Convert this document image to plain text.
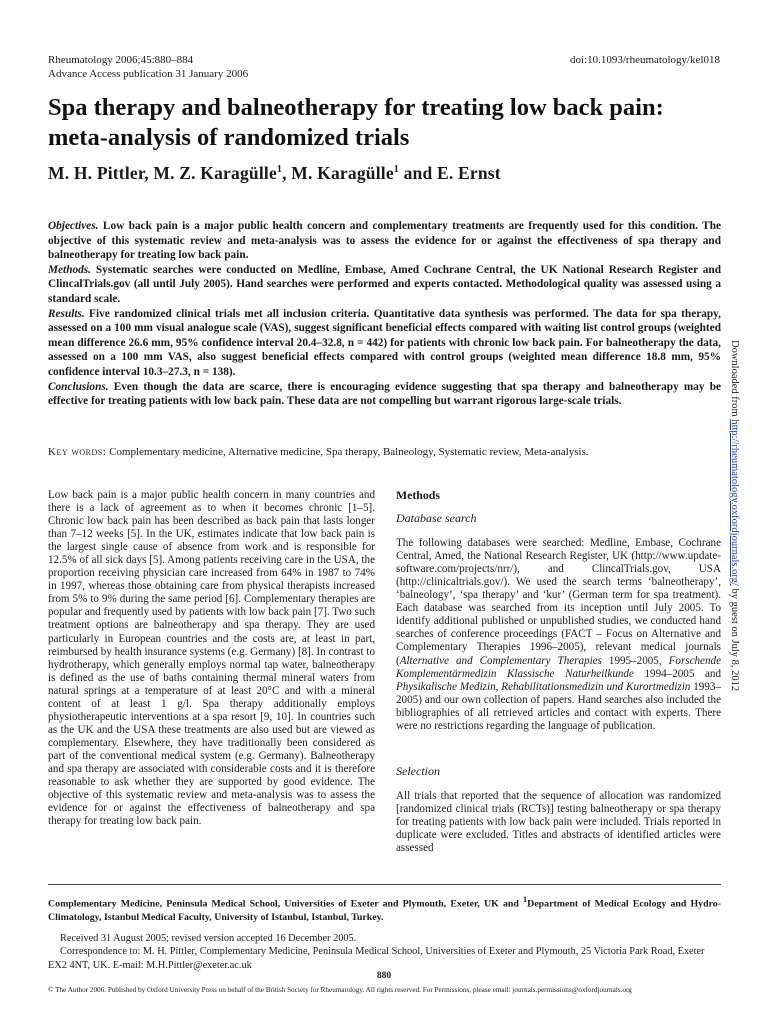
Rheumatology 2006;45:880–884
Advance Access publication 31 January 2006
doi:10.1093/rheumatology/kel018
Spa therapy and balneotherapy for treating low back pain: meta-analysis of randomized trials
M. H. Pittler, M. Z. Karagülle$^1$, M. Karagülle$^1$ and E. Ernst

Objectives. Low back pain is a major public health concern and complementary treatments are frequently used for this condition. The objective of this systematic review and meta-analysis was to assess the evidence for or against the effectiveness of spa therapy and balneotherapy for treating low back pain.

Methods. Systematic searches were conducted on Medline, Embase, Amed Cochrane Central, the UK National Research Register and ClincalTrials.gov (all until July 2005). Hand searches were performed and experts contacted. Methodological quality was assessed using a standard scale.

Results. Five randomized clinical trials met all inclusion criteria. Quantitative data synthesis was performed. The data for spa therapy, assessed on a 100 mm visual analogue scale (VAS), suggest significant beneficial effects compared with waiting list control groups (weighted mean difference 26.6 mm, 95% confidence interval 20.4–32.8, n = 442) for patients with chronic low back pain. For balneotherapy the data, assessed on a 100 mm VAS, also suggest beneficial effects compared with control groups (weighted mean difference 18.8 mm, 95% confidence interval 10.3–27.3, n = 138).

Conclusions. Even though the data are scarce, there is encouraging evidence suggesting that spa therapy and balneotherapy may be effective for treating patients with low back pain. These data are not compelling but warrant rigorous large-scale trials.

Key words: Complementary medicine, Alternative medicine, Spa therapy, Balneology, Systematic review, Meta-analysis.

Low back pain is a major public health concern in many countries and there is a lack of agreement as to when it becomes chronic [1–5]. Chronic low back pain has been described as back pain that lasts longer than 7–12 weeks [5]. In the UK, estimates indicate that low back pain is the largest single cause of absence from work and is responsible for 12.5% of all sick days [5]. Among patients receiving care in the USA, the proportion receiving physician care increased from 64% in 1987 to 74% in 1997, whereas those obtaining care from physical therapists increased from 5% to 9% during the same period [6]. Complementary therapies are popular and frequently used by patients with low back pain [7]. Two such treatment options are balneotherapy and spa therapy. They are used particularly in European countries and the costs are, at least in part, reimbursed by health insurance systems (e.g. Germany) [8]. In contrast to hydrotherapy, which generally employs normal tap water, balneotherapy is defined as the use of baths containing thermal mineral waters from natural springs at a temperature of at least 20°C and with a mineral content of at least 1 g/l. Spa therapy additionally employs physiotherapeutic interventions at a spa resort [9, 10]. In countries such as the UK and the USA these treatments are also used but are viewed as complementary. Elsewhere, they have traditionally been considered as part of the conventional medical system (e.g. Germany). Balneotherapy and spa therapy are associated with considerable costs and it is therefore reasonable to ask whether they are supported by good evidence. The objective of this systematic review and meta-analysis was to assess the evidence for or against the effectiveness of balneotherapy and spa therapy for treating low back pain.

Methods
Database search

The following databases were searched: Medline, Embase, Cochrane Central, Amed, the National Research Register, UK (http://www.update-software.com/projects/nrr/), and ClincalTrials.gov, USA (http://clinicaltrials.gov/). We used the search terms ‘balneotherapy’, ‘balneology’, ‘spa therapy’ and ‘kur’ (German term for spa treatment). Each database was searched from its inception until July 2005. To identify additional published or unpublished studies, we conducted hand searches of conference proceedings (FACT – Focus on Alternative and Complementary Therapies 1996–2005), relevant medical journals (Alternative and Complementary Therapies 1995–2005, Forschende Komplementärmedizin Klassische Naturheilkunde 1994–2005 and Physikalische Medizin, Rehabilitationsmedizin und Kurortmedizin 1993–2005) and our own collection of papers. Hand searches also included the bibliographies of all retrieved articles and contact with experts. There were no restrictions regarding the language of publication.

Selection

All trials that reported that the sequence of allocation was randomized [randomized clinical trials (RCTs)] testing balneotherapy or spa therapy for treating patients with low back pain were included. Trials reported in duplicate were excluded. Titles and abstracts of identified articles were assessed

Complementary Medicine, Peninsula Medical School, Universities of Exeter and Plymouth, Exeter, UK and $^1$Department of Medical Ecology and Hydro-Climatology, Istanbul Medical Faculty, University of Istanbul, Istanbul, Turkey.

Received 31 August 2005; revised version accepted 16 December 2005.

Correspondence to: M. H. Pittler, Complementary Medicine, Peninsula Medical School, Universities of Exeter and Plymouth, 25 Victoria Park Road, Exeter EX2 4NT, UK. E-mail: M.H.Pittler@exeter.ac.uk

880
© The Author 2006. Published by Oxford University Press on behalf of the British Society for Rheumatology. All rights reserved. For Permissions, please email: journals.permissions@oxfordjournals.org
Downloaded from http://rheumatology.oxfordjournals.org/ by guest on July 8, 2012
